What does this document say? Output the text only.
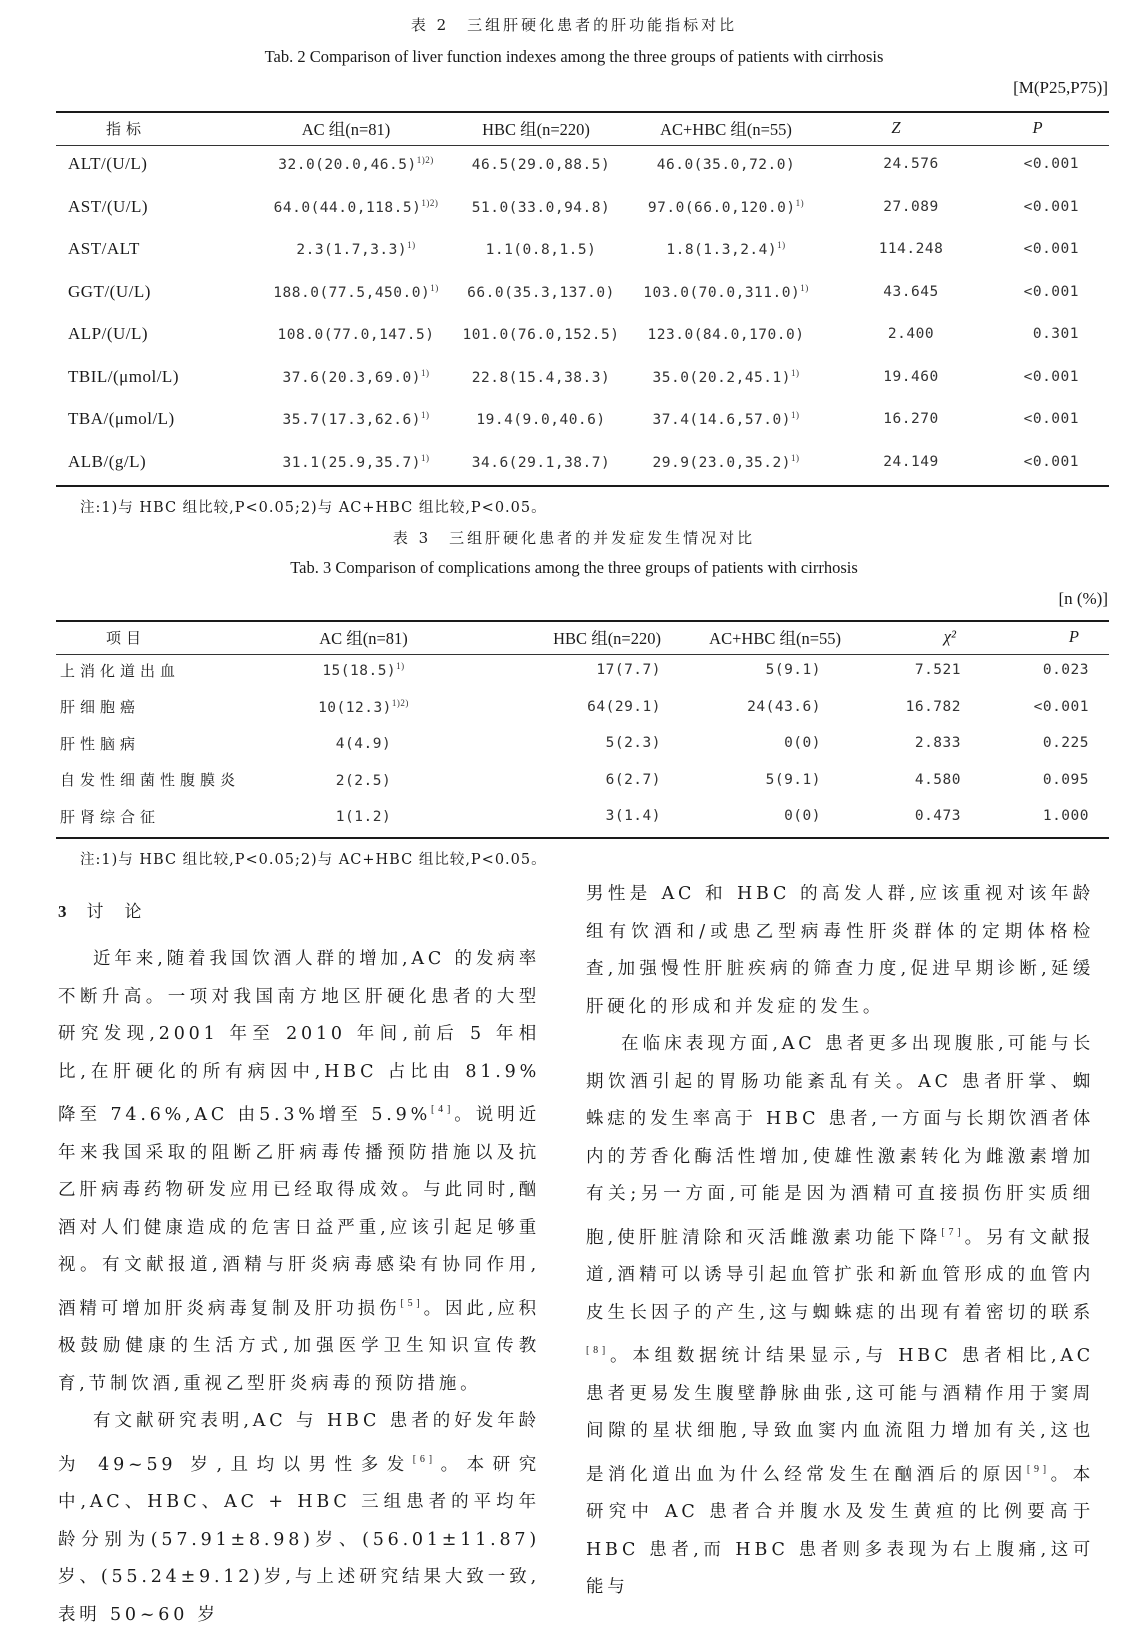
表 2　三组肝硬化患者的肝功能指标对比
Tab. 2 Comparison of liver function indexes among the three groups of patients with cirrhosis
[M(P25,P75)]
指标	AC 组(n=81)	HBC 组(n=220)	AC+HBC 组(n=55)	Z	P
ALT/(U/L)	$32.0(20.0,46.5)^{1)2)}$	46.5(29.0,88.5)	46.0(35.0,72.0)	24.576	<0.001
AST/(U/L)	$64.0(44.0,118.5)^{1)2)}$	51.0(33.0,94.8)	$97.0(66.0,120.0)^{1)}$	27.089	<0.001
AST/ALT	$2.3(1.7,3.3)^{1)}$	1.1(0.8,1.5)	$1.8(1.3,2.4)^{1)}$	114.248	<0.001
GGT/(U/L)	$188.0(77.5,450.0)^{1)}$	66.0(35.3,137.0)	$103.0(70.0,311.0)^{1)}$	43.645	<0.001
ALP/(U/L)	108.0(77.0,147.5)	101.0(76.0,152.5)	123.0(84.0,170.0)	2.400	0.301
TBIL/(μmol/L)	$37.6(20.3,69.0)^{1)}$	22.8(15.4,38.3)	$35.0(20.2,45.1)^{1)}$	19.460	<0.001
TBA/(μmol/L)	$35.7(17.3,62.6)^{1)}$	19.4(9.0,40.6)	$37.4(14.6,57.0)^{1)}$	16.270	<0.001
ALB/(g/L)	$31.1(25.9,35.7)^{1)}$	34.6(29.1,38.7)	$29.9(23.0,35.2)^{1)}$	24.149	<0.001
注:1)与 HBC 组比较,P<0.05;2)与 AC+HBC 组比较,P<0.05。
表 3　三组肝硬化患者的并发症发生情况对比
Tab. 3 Comparison of complications among the three groups of patients with cirrhosis
[n (%)]
项目	AC 组(n=81)	HBC 组(n=220)	AC+HBC 组(n=55)	χ²	P
上消化道出血	$15(18.5)^{1)}$	17(7.7)	5(9.1)	7.521	0.023
肝细胞癌	$10(12.3)^{1)2)}$	64(29.1)	24(43.6)	16.782	<0.001
肝性脑病	4(4.9)	5(2.3)	0(0)	2.833	0.225
自发性细菌性腹膜炎	2(2.5)	6(2.7)	5(9.1)	4.580	0.095
肝肾综合征	1(1.2)	3(1.4)	0(0)	0.473	1.000
注:1)与 HBC 组比较,P<0.05;2)与 AC+HBC 组比较,P<0.05。
3 讨　论

近年来,随着我国饮酒人群的增加,AC 的发病率不断升高。一项对我国南方地区肝硬化患者的大型研究发现,2001 年至 2010 年间,前后 5 年相比,在肝硬化的所有病因中,HBC 占比由 81.9%降至 74.6%,AC 由5.3%增至 5.9%[4]。说明近年来我国采取的阻断乙肝病毒传播预防措施以及抗乙肝病毒药物研发应用已经取得成效。与此同时,酗酒对人们健康造成的危害日益严重,应该引起足够重视。有文献报道,酒精与肝炎病毒感染有协同作用,酒精可增加肝炎病毒复制及肝功损伤[5]。因此,应积极鼓励健康的生活方式,加强医学卫生知识宣传教育,节制饮酒,重视乙型肝炎病毒的预防措施。

有文献研究表明,AC 与 HBC 患者的好发年龄为 49~59 岁,且均以男性多发[6]。本研究中,AC、HBC、AC + HBC 三组患者的平均年龄分别为(57.91±8.98)岁、(56.01±11.87)岁、(55.24±9.12)岁,与上述研究结果大致一致,表明 50~60 岁

男性是 AC 和 HBC 的高发人群,应该重视对该年龄组有饮酒和/或患乙型病毒性肝炎群体的定期体格检查,加强慢性肝脏疾病的筛查力度,促进早期诊断,延缓肝硬化的形成和并发症的发生。

在临床表现方面,AC 患者更多出现腹胀,可能与长期饮酒引起的胃肠功能紊乱有关。AC 患者肝掌、蜘蛛痣的发生率高于 HBC 患者,一方面与长期饮酒者体内的芳香化酶活性增加,使雄性激素转化为雌激素增加有关;另一方面,可能是因为酒精可直接损伤肝实质细胞,使肝脏清除和灭活雌激素功能下降[7]。另有文献报道,酒精可以诱导引起血管扩张和新血管形成的血管内皮生长因子的产生,这与蜘蛛痣的出现有着密切的联系[8]。本组数据统计结果显示,与 HBC 患者相比,AC 患者更易发生腹壁静脉曲张,这可能与酒精作用于窦周间隙的星状细胞,导致血窦内血流阻力增加有关,这也是消化道出血为什么经常发生在酗酒后的原因[9]。本研究中 AC 患者合并腹水及发生黄疸的比例要高于 HBC 患者,而 HBC 患者则多表现为右上腹痛,这可能与
